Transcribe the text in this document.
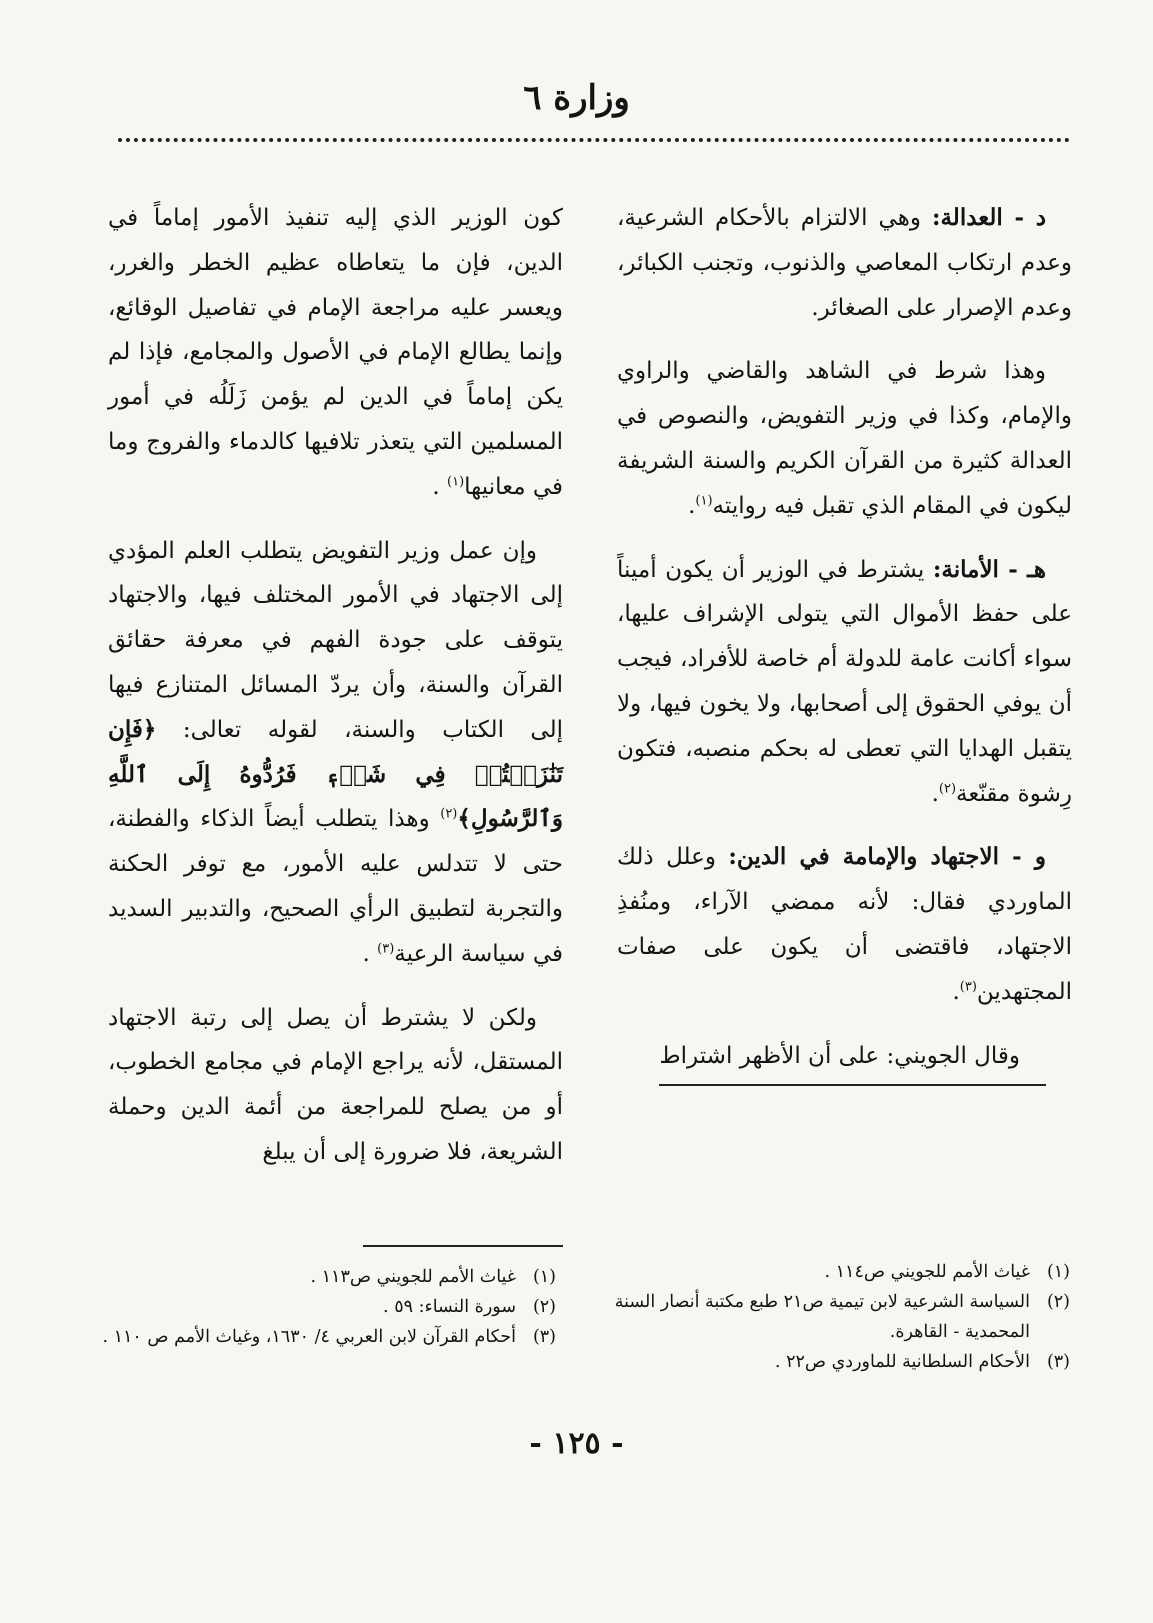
وزارة ٦

د - العدالة: وهي الالتزام بالأحكام الشرعية، وعدم ارتكاب المعاصي والذنوب، وتجنب الكبائر، وعدم الإصرار على الصغائر.

وهذا شرط في الشاهد والقاضي والراوي والإمام، وكذا في وزير التفويض، والنصوص في العدالة كثيرة من القرآن الكريم والسنة الشريفة ليكون في المقام الذي تقبل فيه روايته$^{(١)}$.

هـ - الأمانة: يشترط في الوزير أن يكون أميناً على حفظ الأموال التي يتولى الإشراف عليها، سواء أكانت عامة للدولة أم خاصة للأفراد، فيجب أن يوفي الحقوق إلى أصحابها، ولا يخون فيها، ولا يتقبل الهدايا التي تعطى له بحكم منصبه، فتكون رِشوة مقنّعة$^{(٢)}$.

و - الاجتهاد والإمامة في الدين: وعلل ذلك الماوردي فقال: لأنه ممضي الآراء، ومنُفذِ الاجتهاد، فاقتضى أن يكون على صفات المجتهدين$^{(٣)}$.

وقال الجويني: على أن الأظهر اشتراط

كون الوزير الذي إليه تنفيذ الأمور إماماً في الدين، فإن ما يتعاطاه عظيم الخطر والغرر، ويعسر عليه مراجعة الإمام في تفاصيل الوقائع، وإنما يطالع الإمام في الأصول والمجامع، فإذا لم يكن إماماً في الدين لم يؤمن زَلَلُه في أمور المسلمين التي يتعذر تلافيها كالدماء والفروج وما في معانيها$^{(١)}$ .

وإن عمل وزير التفويض يتطلب العلم المؤدي إلى الاجتهاد في الأمور المختلف فيها، والاجتهاد يتوقف على جودة الفهم في معرفة حقائق القرآن والسنة، وأن يردّ المسائل المتنازع فيها إلى الكتاب والسنة، لقوله تعالى: ﴿فَإِن تَنَٰزَعۡتُمۡ فِي شَيۡءٖ فَرُدُّوهُ إِلَى ٱللَّهِ وَٱلرَّسُولِ﴾$^{(٢)}$ وهذا يتطلب أيضاً الذكاء والفطنة، حتى لا تتدلس عليه الأمور، مع توفر الحكنة والتجربة لتطبيق الرأي الصحيح، والتدبير السديد في سياسة الرعية$^{(٣)}$ .

ولكن لا يشترط أن يصل إلى رتبة الاجتهاد المستقل، لأنه يراجع الإمام في مجامع الخطوب، أو من يصلح للمراجعة من أئمة الدين وحملة الشريعة، فلا ضرورة إلى أن يبلغ

(١)
غياث الأمم للجويني ص١١٤ .
(٢)
السياسة الشرعية لابن تيمية ص٢١ طبع مكتبة أنصار السنة المحمدية - القاهرة.
(٣)
الأحكام السلطانية للماوردي ص٢٢ .
(١)
غياث الأمم للجويني ص١١٣ .
(٢)
سورة النساء: ٥٩ .
(٣)
أحكام القرآن لابن العربي ٤/ ١٦٣٠، وغياث الأمم ص ١١٠ .
- ١٢٥ -
